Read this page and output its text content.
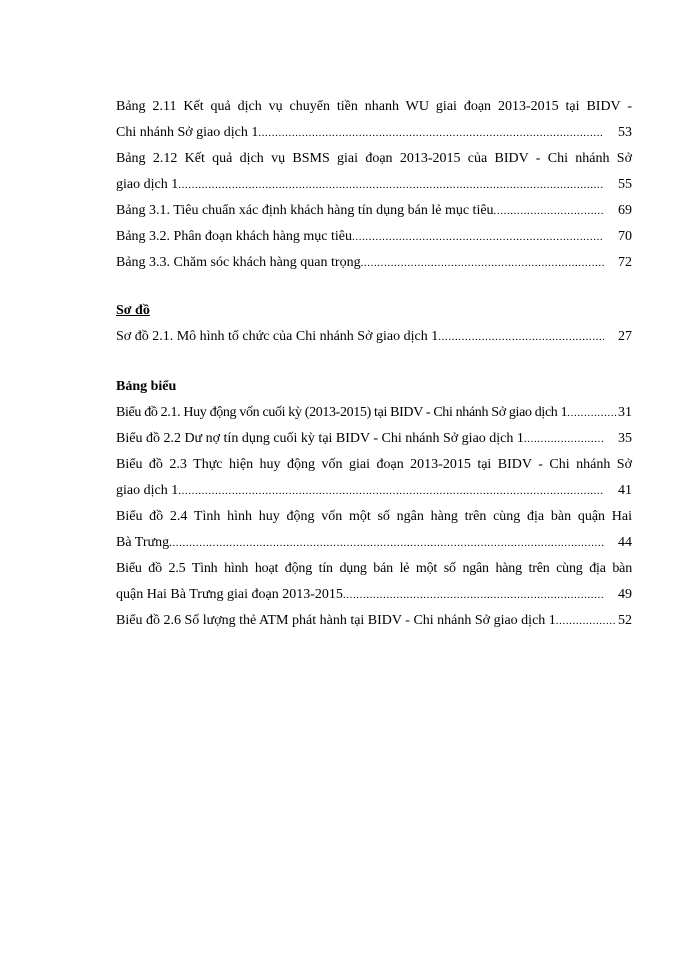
Bảng 2.11 Kết quả dịch vụ chuyển tiền nhanh WU giai đoạn 2013-2015 tại BIDV -
Chi nhánh Sở giao dịch 1 .....	53
Bảng 2.12 Kết quả dịch vụ BSMS giai đoạn 2013-2015 của BIDV - Chi nhánh Sở
giao dịch 1 .....	55
Bảng 3.1. Tiêu chuẩn xác định khách hàng tín dụng bán lẻ mục tiêu .....	69
Bảng 3.2. Phân đoạn khách hàng mục tiêu .....	70
Bảng 3.3. Chăm sóc khách hàng quan trọng .....	72
Sơ đồ
Sơ đồ 2.1. Mô hình tổ chức của Chi nhánh Sở giao dịch 1 .....	27
Bảng biểu
Biểu đồ 2.1. Huy động vốn cuối kỳ (2013-2015) tại BIDV - Chi nhánh Sở giao dịch 1 .....	31
Biểu đồ 2.2 Dư nợ tín dụng cuối kỳ tại BIDV - Chi nhánh Sở giao dịch 1 .....	35
Biểu đồ 2.3 Thực hiện huy động vốn giai đoạn 2013-2015 tại BIDV - Chi nhánh Sở
giao dịch 1 .....	41
Biểu đồ 2.4 Tình hình huy động vốn một số ngân hàng trên cùng địa bàn quận Hai
Bà Trưng .....	44
Biểu đồ 2.5 Tình hình hoạt động tín dụng bán lẻ một số ngân hàng trên cùng địa bàn
quận Hai Bà Trưng giai đoạn 2013-2015 .....	49
Biểu đồ 2.6 Số lượng thẻ ATM phát hành tại BIDV - Chi nhánh Sở giao dịch 1 .....	52
